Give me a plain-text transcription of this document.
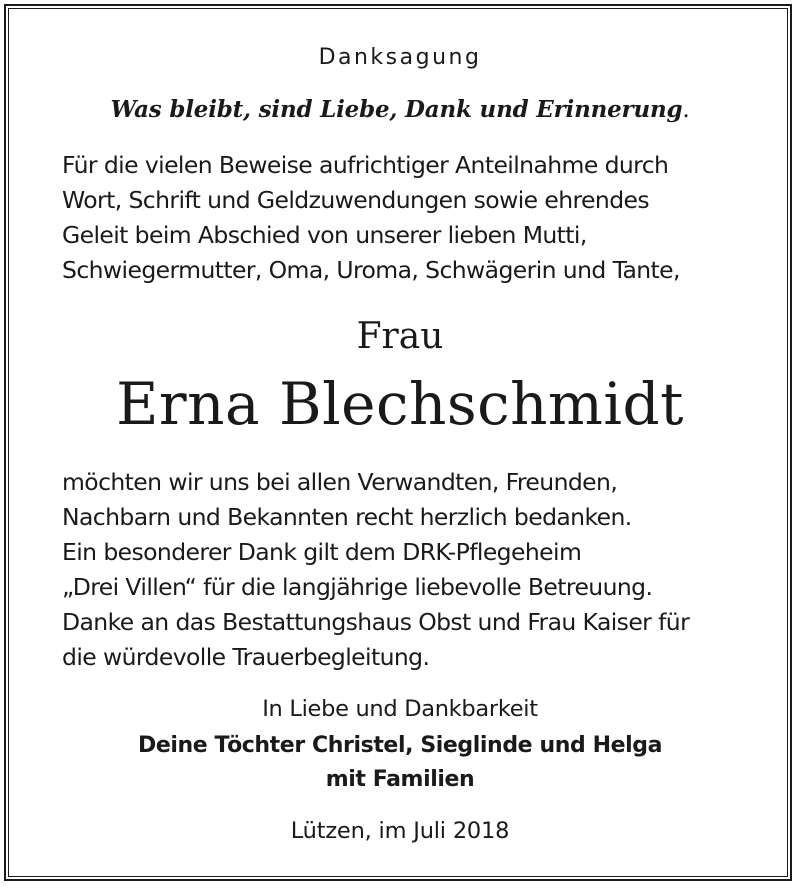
Danksagung
Was bleibt, sind Liebe, Dank und Erinnerung.
Für die vielen Beweise aufrichtiger Anteilnahme durch
Wort, Schrift und Geldzuwendungen sowie ehrendes
Geleit beim Abschied von unserer lieben Mutti,
Schwiegermutter, Oma, Uroma, Schwägerin und Tante,
Frau
Erna Blechschmidt
möchten wir uns bei allen Verwandten, Freunden,
Nachbarn und Bekannten recht herzlich bedanken.
Ein besonderer Dank gilt dem DRK-Pflegeheim
„Drei Villen“ für die langjährige liebevolle Betreuung.
Danke an das Bestattungshaus Obst und Frau Kaiser für
die würdevolle Trauerbegleitung.
In Liebe und Dankbarkeit
Deine Töchter Christel, Sieglinde und Helga
mit Familien
Lützen, im Juli 2018
